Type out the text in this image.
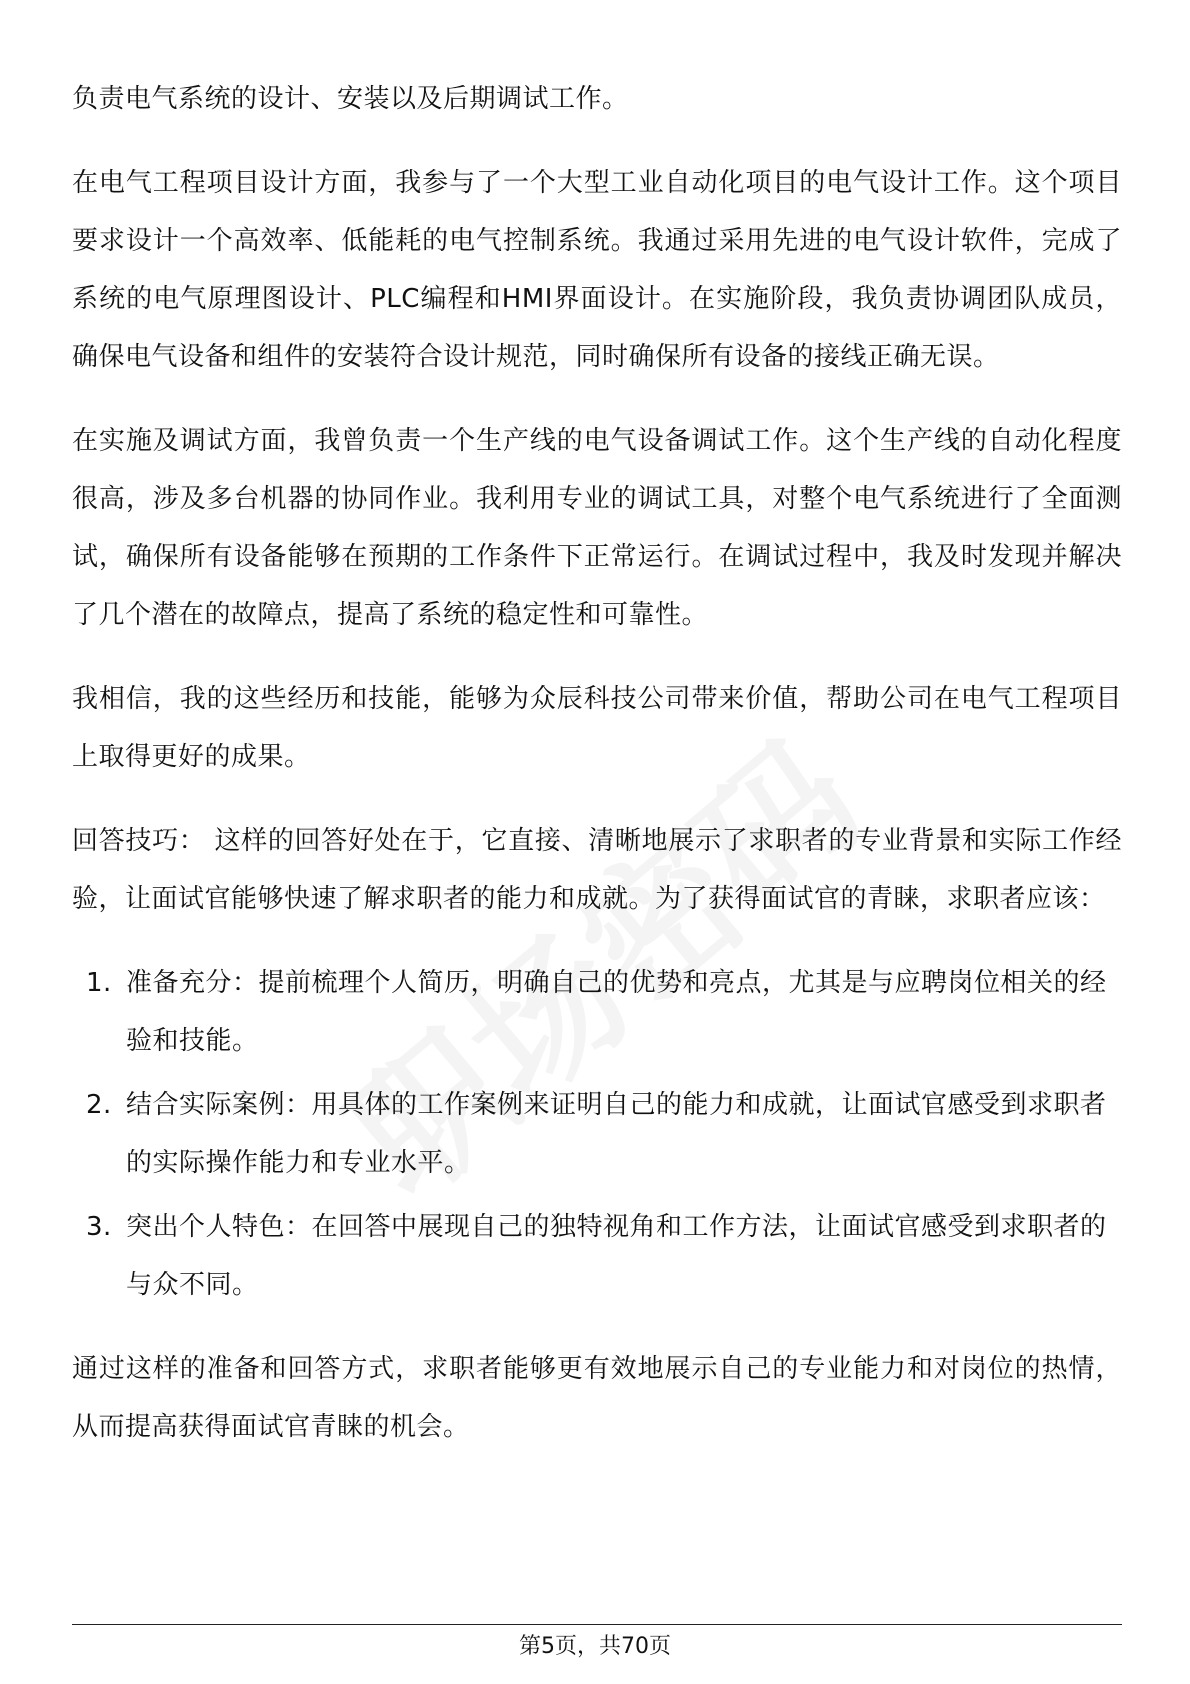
负责电气系统的设计、安装以及后期调试工作。

在电气工程项目设计方面，我参与了一个大型工业自动化项目的电气设计工作。这个项目要求设计一个高效率、低能耗的电气控制系统。我通过采用先进的电气设计软件，完成了系统的电气原理图设计、PLC编程和HMI界面设计。在实施阶段，我负责协调团队成员，确保电气设备和组件的安装符合设计规范，同时确保所有设备的接线正确无误。

在实施及调试方面，我曾负责一个生产线的电气设备调试工作。这个生产线的自动化程度很高，涉及多台机器的协同作业。我利用专业的调试工具，对整个电气系统进行了全面测试，确保所有设备能够在预期的工作条件下正常运行。在调试过程中，我及时发现并解决了几个潜在的故障点，提高了系统的稳定性和可靠性。

我相信，我的这些经历和技能，能够为众辰科技公司带来价值，帮助公司在电气工程项目上取得更好的成果。

回答技巧： 这样的回答好处在于，它直接、清晰地展示了求职者的专业背景和实际工作经验，让面试官能够快速了解求职者的能力和成就。为了获得面试官的青睐，求职者应该：

1. 准备充分：提前梳理个人简历，明确自己的优势和亮点，尤其是与应聘岗位相关的经验和技能。
2. 结合实际案例：用具体的工作案例来证明自己的能力和成就，让面试官感受到求职者的实际操作能力和专业水平。
3. 突出个人特色：在回答中展现自己的独特视角和工作方法，让面试官感受到求职者的与众不同。

通过这样的准备和回答方式，求职者能够更有效地展示自己的专业能力和对岗位的热情，从而提高获得面试官青睐的机会。

第5页，共70页
